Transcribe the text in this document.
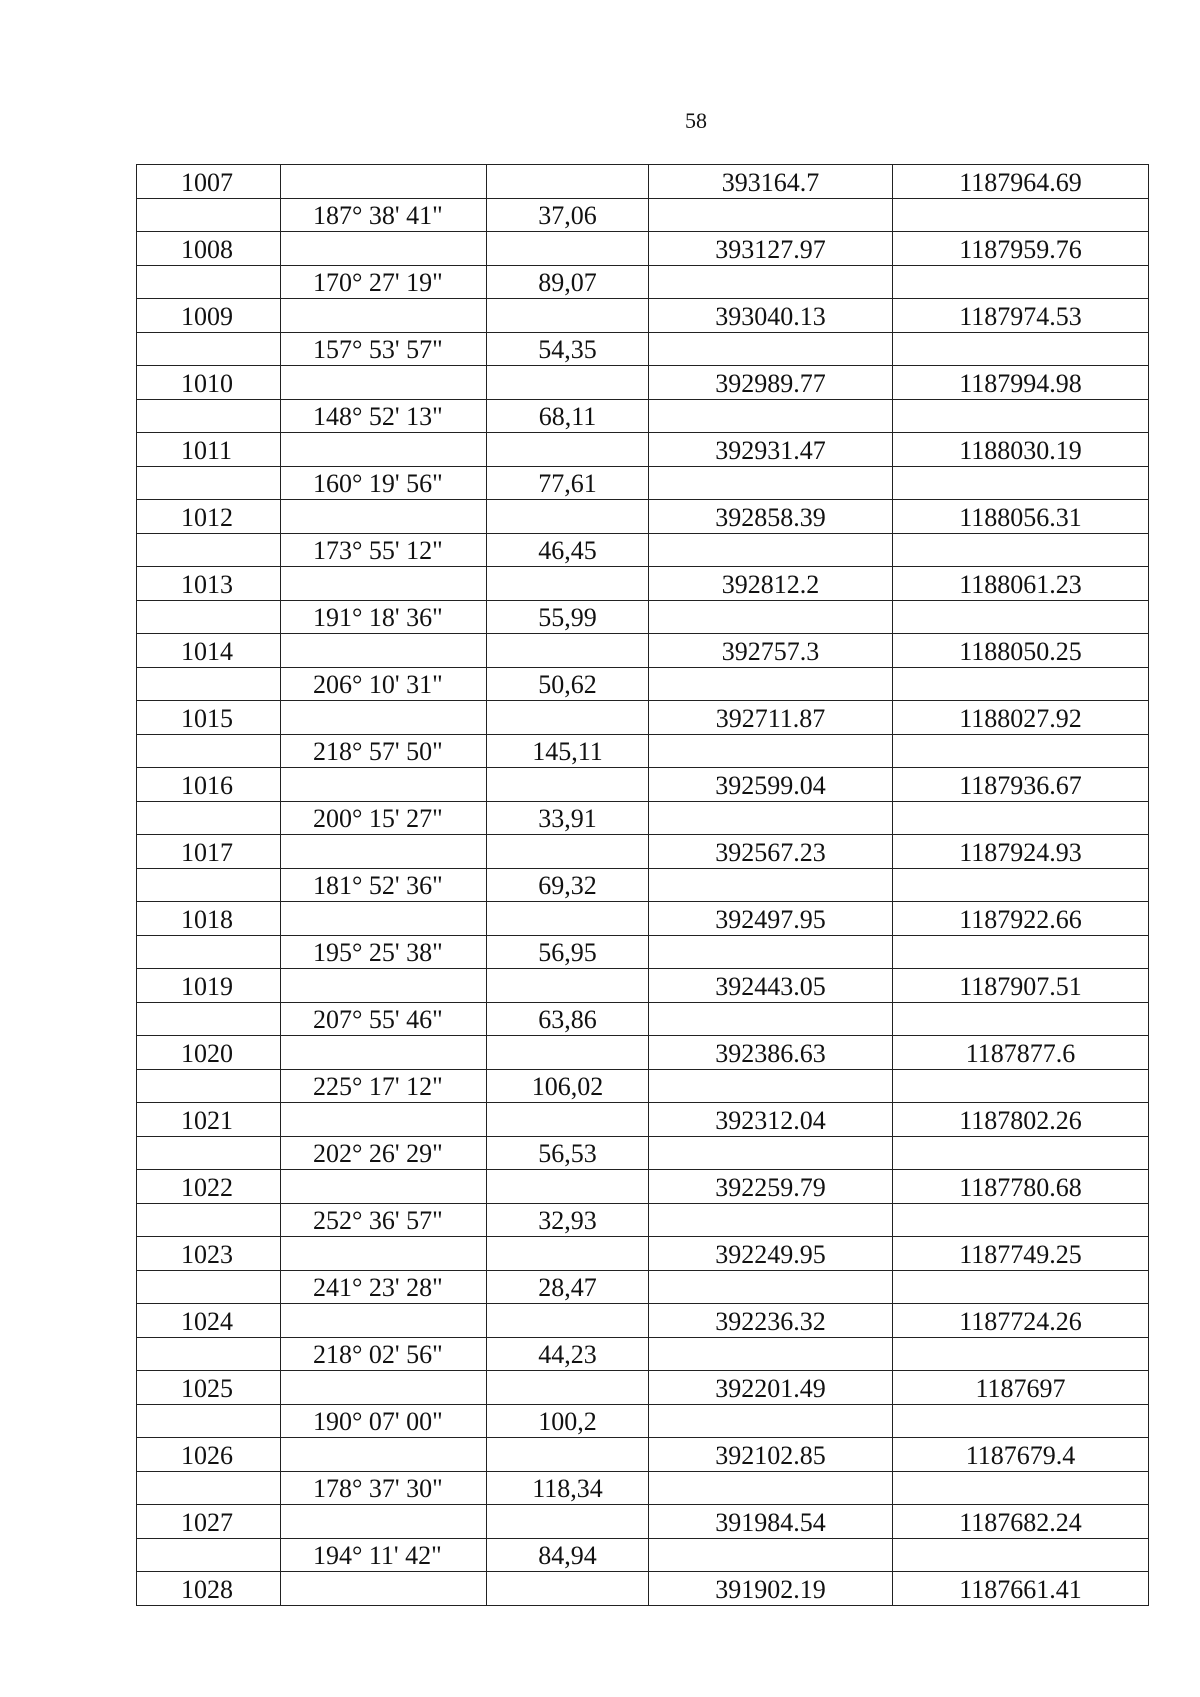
58
1007			393164.7	1187964.69
	187° 38' 41"	37,06		
1008			393127.97	1187959.76
	170° 27' 19"	89,07		
1009			393040.13	1187974.53
	157° 53' 57"	54,35		
1010			392989.77	1187994.98
	148° 52' 13"	68,11		
1011			392931.47	1188030.19
	160° 19' 56"	77,61		
1012			392858.39	1188056.31
	173° 55' 12"	46,45		
1013			392812.2	1188061.23
	191° 18' 36"	55,99		
1014			392757.3	1188050.25
	206° 10' 31"	50,62		
1015			392711.87	1188027.92
	218° 57' 50"	145,11		
1016			392599.04	1187936.67
	200° 15' 27"	33,91		
1017			392567.23	1187924.93
	181° 52' 36"	69,32		
1018			392497.95	1187922.66
	195° 25' 38"	56,95		
1019			392443.05	1187907.51
	207° 55' 46"	63,86		
1020			392386.63	1187877.6
	225° 17' 12"	106,02		
1021			392312.04	1187802.26
	202° 26' 29"	56,53		
1022			392259.79	1187780.68
	252° 36' 57"	32,93		
1023			392249.95	1187749.25
	241° 23' 28"	28,47		
1024			392236.32	1187724.26
	218° 02' 56"	44,23		
1025			392201.49	1187697
	190° 07' 00"	100,2		
1026			392102.85	1187679.4
	178° 37' 30"	118,34		
1027			391984.54	1187682.24
	194° 11' 42"	84,94		
1028			391902.19	1187661.41
